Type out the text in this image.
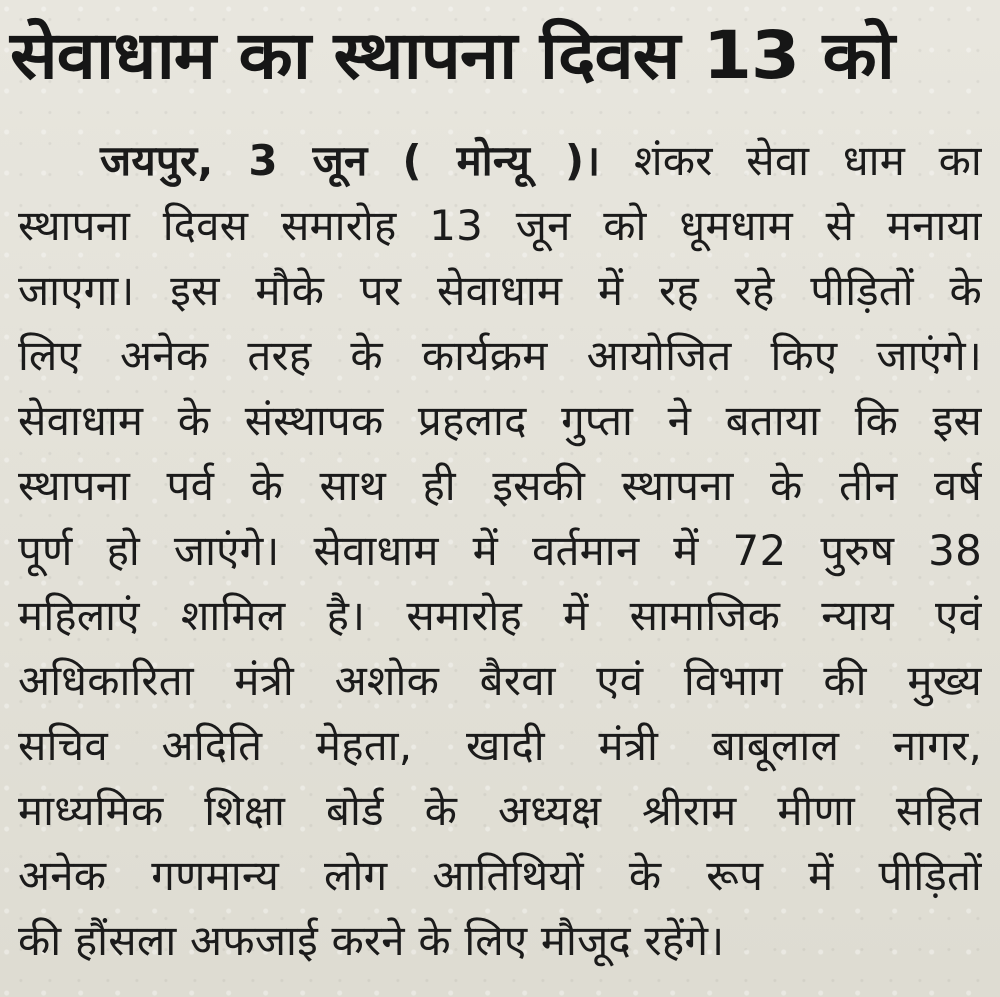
सेवाधाम का स्थापना दिवस 13 को
जयपुर, 3 जून ( मोन्यू )। शंकर सेवा धाम का
स्थापना दिवस समारोह 13 जून को धूमधाम से मनाया
जाएगा। इस मौके पर सेवाधाम में रह रहे पीड़ितों के
लिए अनेक तरह के कार्यक्रम आयोजित किए जाएंगे।
सेवाधाम के संस्थापक प्रहलाद गुप्ता ने बताया कि इस
स्थापना पर्व के साथ ही इसकी स्थापना के तीन वर्ष
पूर्ण हो जाएंगे। सेवाधाम में वर्तमान में 72 पुरुष 38
महिलाएं शामिल है। समारोह में सामाजिक न्याय एवं
अधिकारिता मंत्री अशोक बैरवा एवं विभाग की मुख्य
सचिव अदिति मेहता, खादी मंत्री बाबूलाल नागर,
माध्यमिक शिक्षा बोर्ड के अध्यक्ष श्रीराम मीणा सहित
अनेक गणमान्य लोग आतिथियों के रूप में पीड़ितों
की हौंसला अफजाई करने के लिए मौजूद रहेंगे।
